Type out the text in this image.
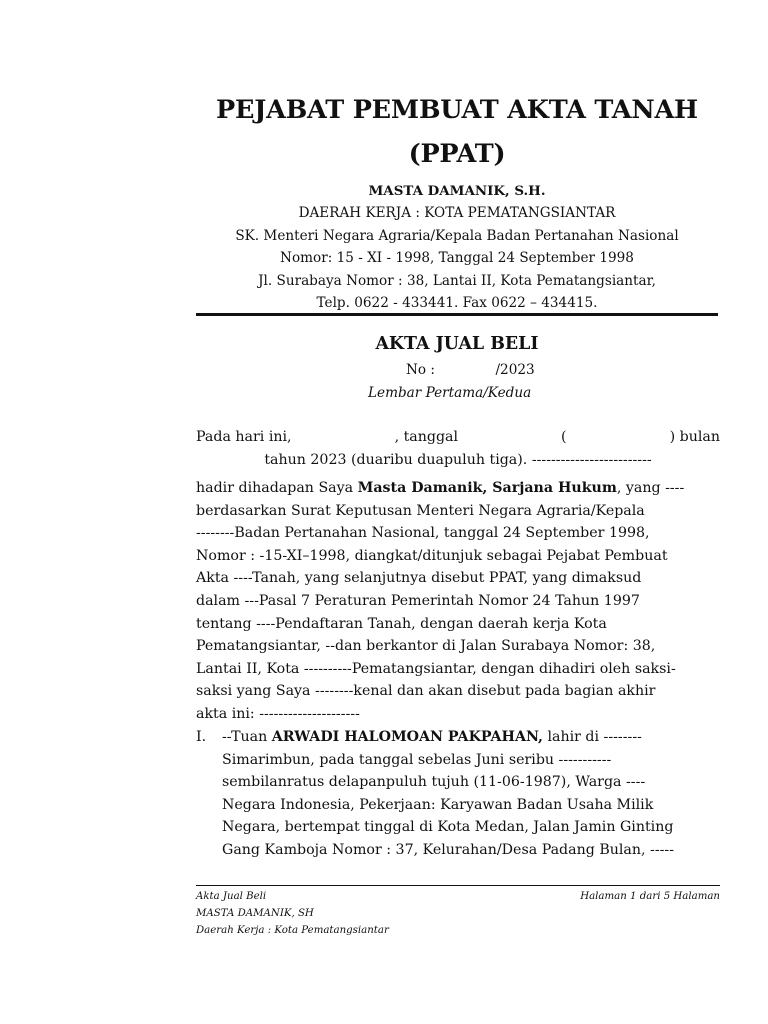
PEJABAT PEMBUAT AKTA TANAH
(PPAT)
MASTA DAMANIK, S.H.
DAERAH KERJA : KOTA PEMATANGSIANTAR
SK. Menteri Negara Agraria/Kepala Badan Pertanahan Nasional
Nomor: 15 - XI - 1998, Tanggal 24 September 1998
Jl. Surabaya Nomor : 38, Lantai II, Kota Pematangsiantar,
Telp. 0622 - 433441. Fax 0622 – 434415.
AKTA JUAL BELI
No :              /2023
Lembar Pertama/Kedua
Pada hari ini,	, tanggal	(	) bulan
tahun 2023 (duaribu duapuluh tiga). -------------------------
hadir dihadapan Saya Masta Damanik, Sarjana Hukum, yang ----
berdasarkan Surat Keputusan Menteri Negara Agraria/Kepala
--------Badan Pertanahan Nasional, tanggal 24 September 1998,
Nomor : -15-XI–1998, diangkat/ditunjuk sebagai Pejabat Pembuat
Akta ----Tanah, yang selanjutnya disebut PPAT, yang dimaksud
dalam ---Pasal 7 Peraturan Pemerintah Nomor 24 Tahun 1997
tentang ----Pendaftaran Tanah, dengan daerah kerja Kota
Pematangsiantar, --dan berkantor di Jalan Surabaya Nomor: 38,
Lantai II, Kota ----------Pematangsiantar, dengan dihadiri oleh saksi-
saksi yang Saya --------kenal dan akan disebut pada bagian akhir
akta ini: ---------------------
I. --Tuan ARWADI HALOMOAN PAKPAHAN, lahir di --------
Simarimbun, pada tanggal sebelas Juni seribu -----------
sembilanratus delapanpuluh tujuh (11-06-1987), Warga ----
Negara Indonesia, Pekerjaan: Karyawan Badan Usaha Milik
Negara, bertempat tinggal di Kota Medan, Jalan Jamin Ginting
Gang Kamboja Nomor : 37, Kelurahan/Desa Padang Bulan, -----
Akta Jual Beli	Halaman 1 dari 5 Halaman
MASTA DAMANIK, SH
Daerah Kerja : Kota Pematangsiantar
